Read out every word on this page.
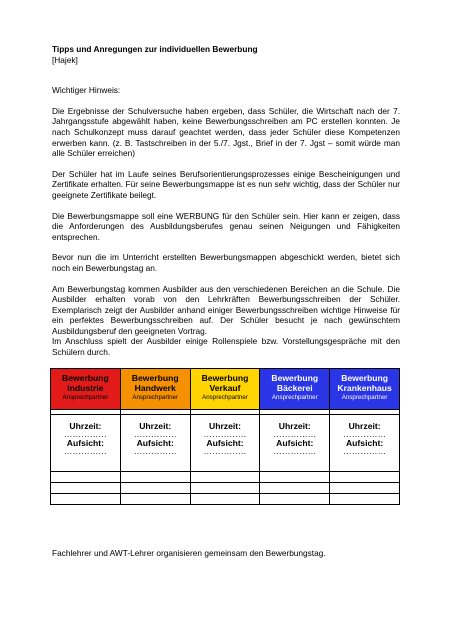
Tipps und Anregungen zur individuellen Bewerbung

[Hajek]

Wichtiger Hinweis:

Die Ergebnisse der Schulversuche haben ergeben, dass Schüler, die Wirtschaft nach der 7. Jahrgangsstufe abgewählt haben, keine Bewerbungsschreiben am PC erstellen konnten. Je nach Schulkonzept muss darauf geachtet werden, dass jeder Schüler diese Kompetenzen erwerben kann. (z. B. Tastschreiben in der 5./7. Jgst., Brief in der 7. Jgst – somit würde man alle Schüler erreichen)

Der Schüler hat im Laufe seines Berufsorientierungsprozesses einige Bescheinigungen und Zertifikate erhalten. Für seine Bewerbungsmappe ist es nun sehr wichtig, dass der Schüler nur geeignete Zertifikate beilegt.

Die Bewerbungsmappe soll eine WERBUNG für den Schüler sein. Hier kann er zeigen, dass die Anforderungen des Ausbildungsberufes genau seinen Neigungen und Fähigkeiten entsprechen.

Bevor nun die im Unterricht erstellten Bewerbungsmappen abgeschickt werden, bietet sich noch ein Bewerbungstag an.

Am Bewerbungstag kommen Ausbilder aus den verschiedenen Bereichen an die Schule. Die Ausbilder erhalten vorab von den Lehrkräften Bewerbungsschreiben der Schüler. Exemplarisch zeigt der Ausbilder anhand einiger Bewerbungsschreiben wichtige Hinweise für ein perfektes Bewerbungsschreiben auf. Der Schüler besucht je nach gewünschtem Ausbildungsberuf den geeigneten Vortrag.

Im Anschluss spielt der Ausbilder einige Rollenspiele bzw. Vorstellungsgespräche mit den Schülern durch.

Bewerbung
Industrie
Ansprechpartner	Bewerbung
Handwerk
Ansprechpartner	Bewerbung
Verkauf
Ansprechpartner	Bewerbung
Bäckerei
Ansprechpartner	Bewerbung
Krankenhaus
Ansprechpartner

Uhrzeit:
……………
Aufsicht:
……………	Uhrzeit:
……………
Aufsicht:
……………	Uhrzeit:
……………
Aufsicht:
……………	Uhrzeit:
……………
Aufsicht:
……………	Uhrzeit:
……………
Aufsicht:
……………

Fachlehrer und AWT-Lehrer organisieren gemeinsam den Bewerbungstag.
